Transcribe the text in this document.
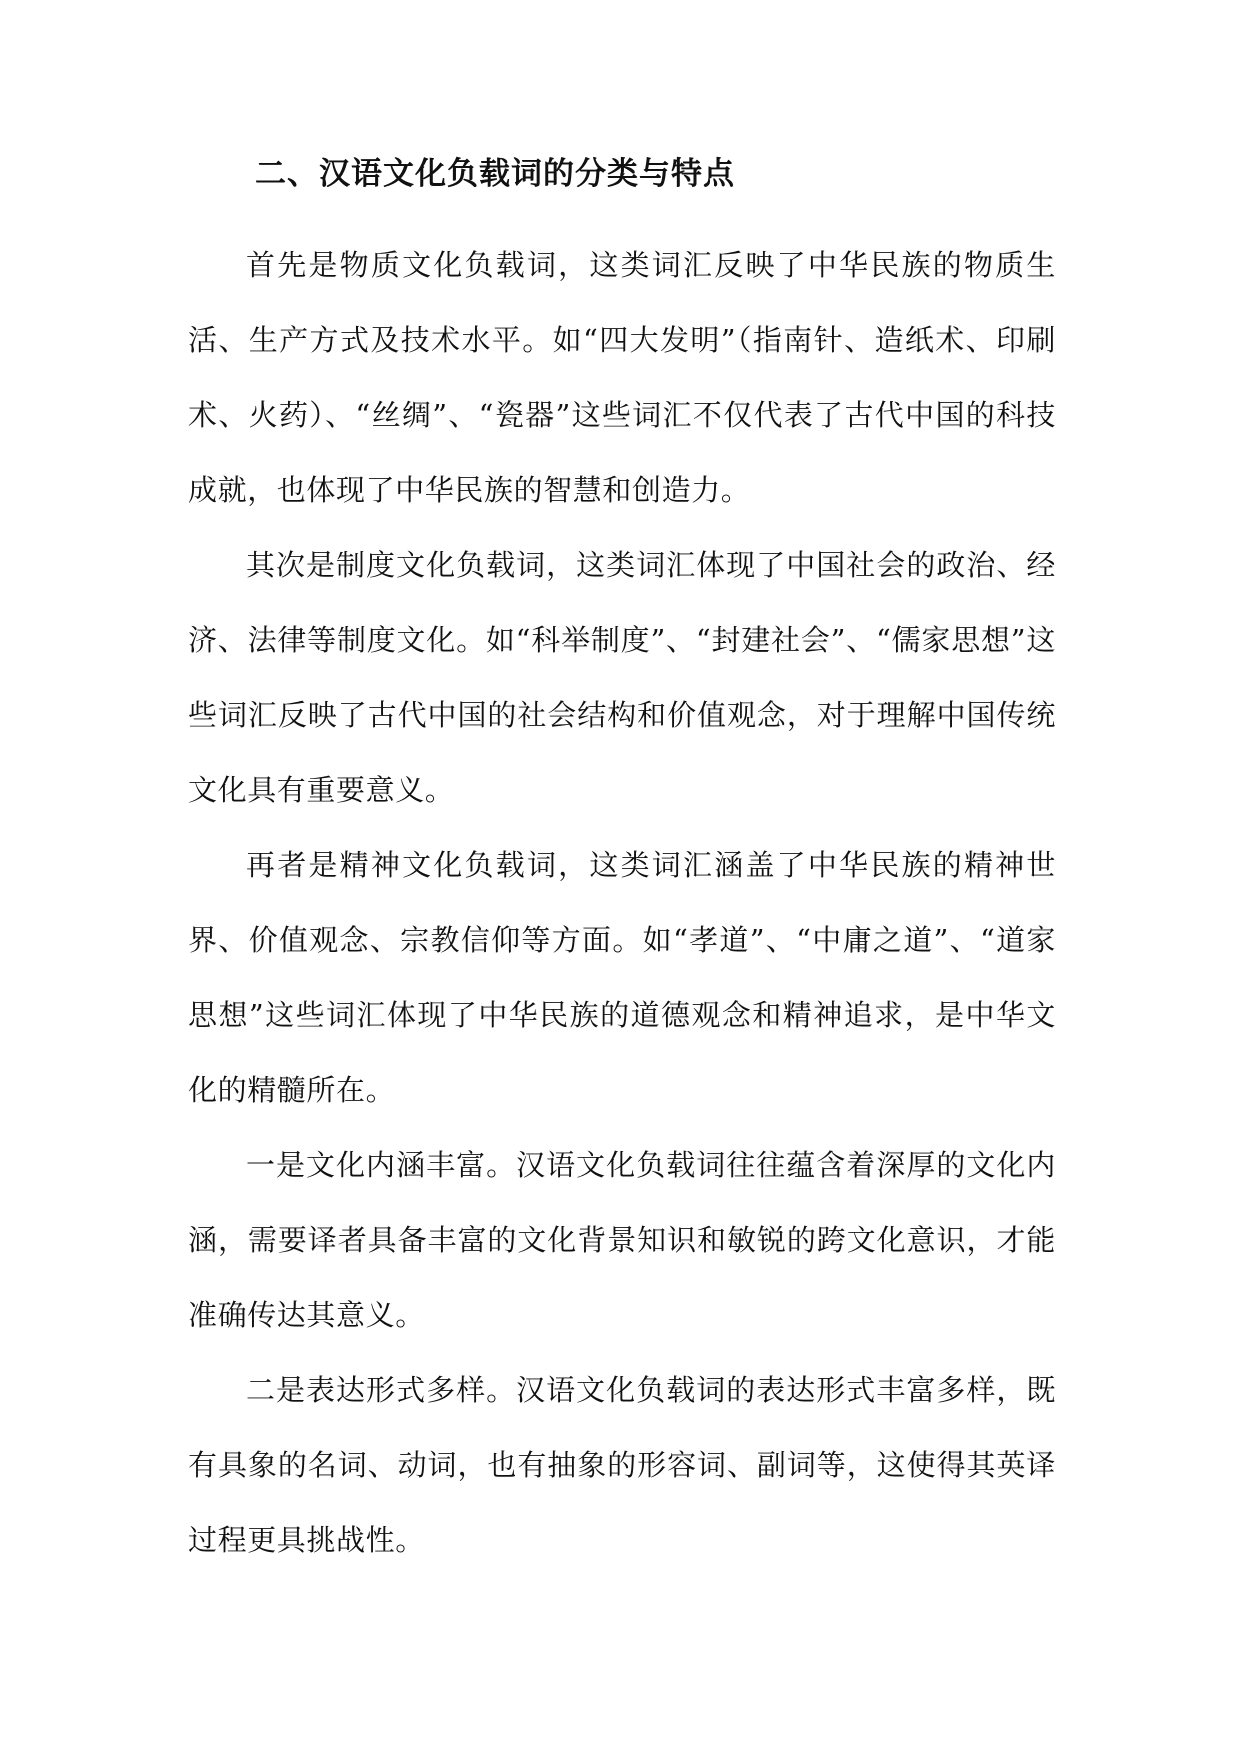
二、汉语文化负载词的分类与特点

首先是物质文化负载词，这类词汇反映了中华民族的物质生活、生产方式及技术水平。如“四大发明”（指南针、造纸术、印刷术、火药）、“丝绸”、“瓷器”这些词汇不仅代表了古代中国的科技成就，也体现了中华民族的智慧和创造力。

其次是制度文化负载词，这类词汇体现了中国社会的政治、经济、法律等制度文化。如“科举制度”、“封建社会”、“儒家思想”这些词汇反映了古代中国的社会结构和价值观念，对于理解中国传统文化具有重要意义。

再者是精神文化负载词，这类词汇涵盖了中华民族的精神世界、价值观念、宗教信仰等方面。如“孝道”、“中庸之道”、“道家思想”这些词汇体现了中华民族的道德观念和精神追求，是中华文化的精髓所在。

一是文化内涵丰富。汉语文化负载词往往蕴含着深厚的文化内涵，需要译者具备丰富的文化背景知识和敏锐的跨文化意识，才能准确传达其意义。

二是表达形式多样。汉语文化负载词的表达形式丰富多样，既有具象的名词、动词，也有抽象的形容词、副词等，这使得其英译过程更具挑战性。
